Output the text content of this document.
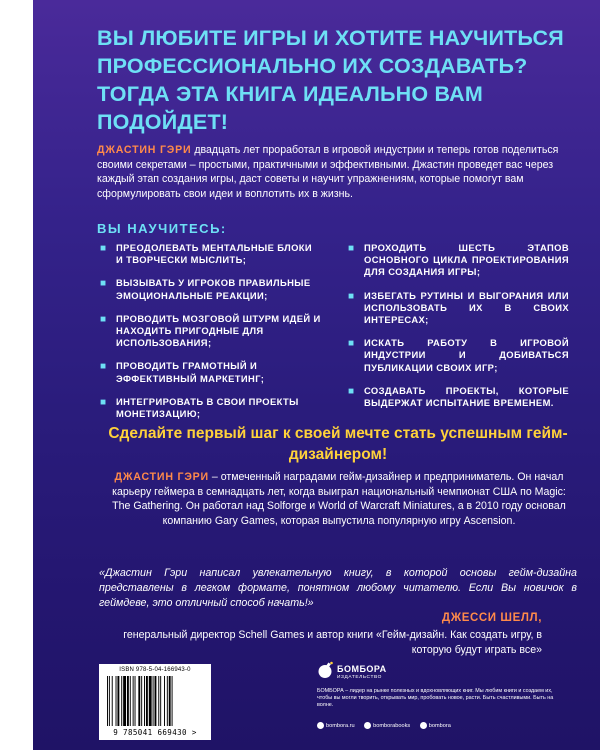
ВЫ ЛЮБИТЕ ИГРЫ И ХОТИТЕ НАУЧИТЬСЯ ПРОФЕССИОНАЛЬНО ИХ СОЗДАВАТЬ? ТОГДА ЭТА КНИГА ИДЕАЛЬНО ВАМ ПОДОЙДЕТ!

ДЖАСТИН ГЭРИ двадцать лет проработал в игровой индустрии и теперь готов поделиться своими секретами – простыми, практичными и эффективными. Джастин проведет вас через каждый этап создания игры, даст советы и научит упражнениям, которые помогут вам сформулировать свои идеи и воплотить их в жизнь.

ВЫ НАУЧИТЕСЬ:
■ ПРЕОДОЛЕВАТЬ МЕНТАЛЬНЫЕ БЛОКИ И ТВОРЧЕСКИ МЫСЛИТЬ;
■ ВЫЗЫВАТЬ У ИГРОКОВ ПРАВИЛЬНЫЕ ЭМОЦИОНАЛЬНЫЕ РЕАКЦИИ;
■ ПРОВОДИТЬ МОЗГОВОЙ ШТУРМ ИДЕЙ И НАХОДИТЬ ПРИГОДНЫЕ ДЛЯ ИСПОЛЬЗОВАНИЯ;
■ ПРОВОДИТЬ ГРАМОТНЫЙ И ЭФФЕКТИВНЫЙ МАРКЕТИНГ;
■ ИНТЕГРИРОВАТЬ В СВОИ ПРОЕКТЫ МОНЕТИЗАЦИЮ;
■ ПРОХОДИТЬ ШЕСТЬ ЭТАПОВ ОСНОВНОГО ЦИКЛА ПРОЕКТИРОВАНИЯ ДЛЯ СОЗДАНИЯ ИГРЫ;
■ ИЗБЕГАТЬ РУТИНЫ И ВЫГОРАНИЯ ИЛИ ИСПОЛЬЗОВАТЬ ИХ В СВОИХ ИНТЕРЕСАХ;
■ ИСКАТЬ РАБОТУ В ИГРОВОЙ ИНДУСТРИИ И ДОБИВАТЬСЯ ПУБЛИКАЦИИ СВОИХ ИГР;
■ СОЗДАВАТЬ ПРОЕКТЫ, КОТОРЫЕ ВЫДЕРЖАТ ИСПЫТАНИЕ ВРЕМЕНЕМ.

Сделайте первый шаг к своей мечте стать успешным гейм-дизайнером!

ДЖАСТИН ГЭРИ – отмеченный наградами гейм-дизайнер и предприниматель. Он начал карьеру геймера в семнадцать лет, когда выиграл национальный чемпионат США по Magic: The Gathering. Он работал над Solforge и World of Warcraft Miniatures, а в 2010 году основал компанию Gary Games, которая выпустила популярную игру Ascension.

«Джастин Гэри написал увлекательную книгу, в которой основы гейм-дизайна представлены в легком формате, понятном любому читателю. Если Вы новичок в геймдеве, это отличный способ начать!»

ДЖЕССИ ШЕЛЛ,

генеральный директор Schell Games и автор книги «Гейм-дизайн. Как создать игру, в которую будут играть все»

ISBN 978-5-04-166943-0
9 785041 669430 >
БОМБОРА
ИЗДАТЕЛЬСТВО

БОМБОРА – лидер на рынке полезных и вдохновляющих книг. Мы любим книги и создаем их, чтобы вы могли творить, открывать мир, пробовать новое, расти. Быть счастливыми. Быть на волне.

bombora.ru	bomborabooks	bombora
